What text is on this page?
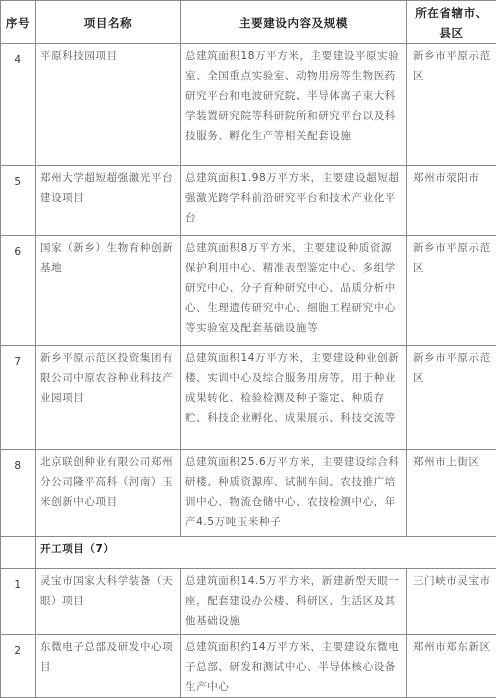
序号	项目名称	主要建设内容及规模	所在省辖市、县区
4	平原科技园项目	总建筑面积18万平方米，主要建设平原实验室、全国重点实验室、动物用房等生物医药研究平台和电波研究院、半导体离子束大科学装置研究院等科研院所和研究平台以及科技服务、孵化生产等相关配套设施	新乡市平原示范区
5	郑州大学超短超强激光平台建设项目	总建筑面积1.98万平方米，主要建设超短超强激光跨学科前沿研究平台和技术产业化平台	郑州市荥阳市
6	国家（新乡）生物育种创新基地	总建筑面积8万平方米，主要建设种质资源保护利用中心、精准表型鉴定中心、多组学研究中心、分子育种研究中心、品质分析中心、生理遗传研究中心、细胞工程研究中心等实验室及配套基础设施等	新乡市平原示范区
7	新乡平原示范区投资集团有限公司中原农谷种业科技产业园项目	总建筑面积14万平方米，主要建设种业创新楼、实训中心及综合服务用房等，用于种业成果转化、检验检测及种子鉴定、种质存贮、科技企业孵化、成果展示、科技交流等	新乡市平原示范区
8	北京联创种业有限公司郑州分公司隆平高科（河南）玉米创新中心项目	总建筑面积25.6万平方米，主要建设综合科研楼、种质资源库、试制车间、农技推广培训中心、物流仓储中心、农技检测中心，年产4.5万吨玉米种子	郑州市上街区
	开工项目（7）		
1	灵宝市国家大科学装备（天眼）项目	总建筑面积14.5万平方米，新建新型天眼一座，配套建设办公楼、科研区、生活区及其他基础设施	三门峡市灵宝市
2	东微电子总部及研发中心项目	总建筑面积约14万平方米，主要建设东微电子总部、研发和测试中心、半导体核心设备生产中心	郑州市郑东新区
